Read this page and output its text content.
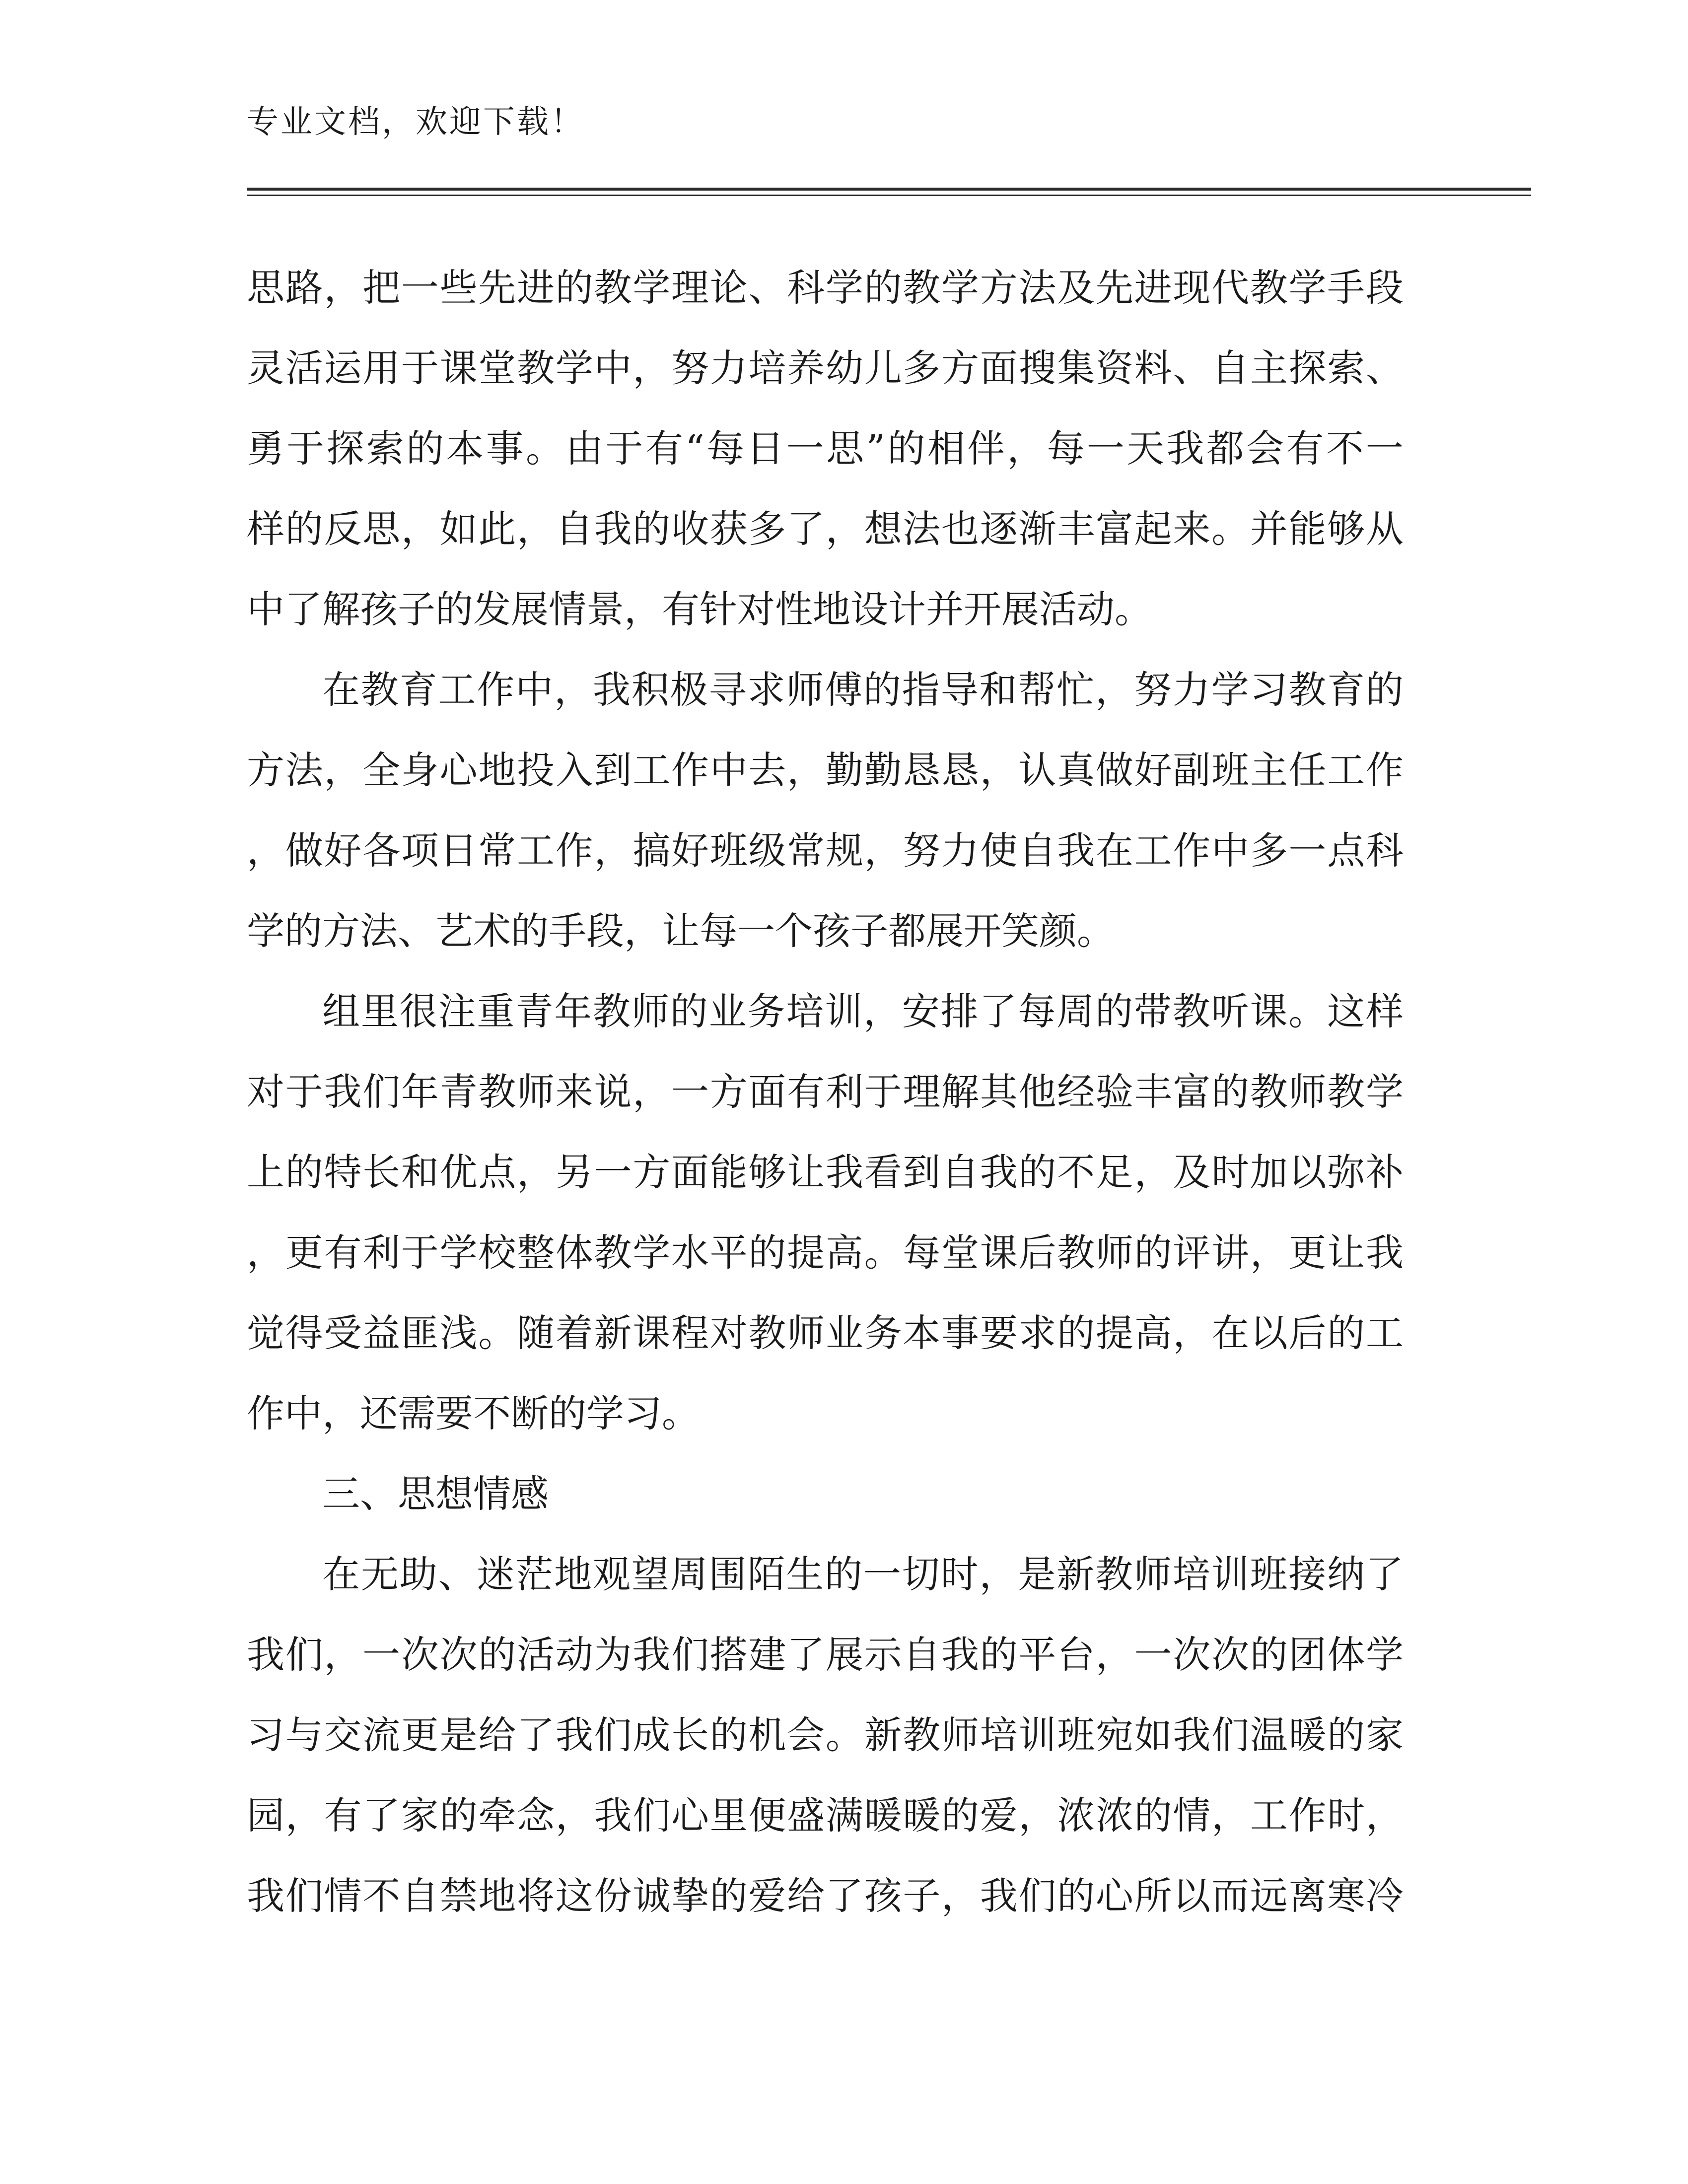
专业文档，欢迎下载！
思路，把一些先进的教学理论、科学的教学方法及先进现代教学手段
灵活运用于课堂教学中，努力培养幼儿多方面搜集资料、自主探索、
勇于探索的本事。由于有“每日一思”的相伴，每一天我都会有不一
样的反思，如此，自我的收获多了，想法也逐渐丰富起来。并能够从
中了解孩子的发展情景，有针对性地设计并开展活动。
在教育工作中，我积极寻求师傅的指导和帮忙，努力学习教育的
方法，全身心地投入到工作中去，勤勤恳恳，认真做好副班主任工作
，做好各项日常工作，搞好班级常规，努力使自我在工作中多一点科
学的方法、艺术的手段，让每一个孩子都展开笑颜。
组里很注重青年教师的业务培训，安排了每周的带教听课。这样
对于我们年青教师来说，一方面有利于理解其他经验丰富的教师教学
上的特长和优点，另一方面能够让我看到自我的不足，及时加以弥补
，更有利于学校整体教学水平的提高。每堂课后教师的评讲，更让我
觉得受益匪浅。随着新课程对教师业务本事要求的提高，在以后的工
作中，还需要不断的学习。
三、思想情感
在无助、迷茫地观望周围陌生的一切时，是新教师培训班接纳了
我们，一次次的活动为我们搭建了展示自我的平台，一次次的团体学
习与交流更是给了我们成长的机会。新教师培训班宛如我们温暖的家
园，有了家的牵念，我们心里便盛满暖暖的爱，浓浓的情，工作时，
我们情不自禁地将这份诚挚的爱给了孩子，我们的心所以而远离寒冷
